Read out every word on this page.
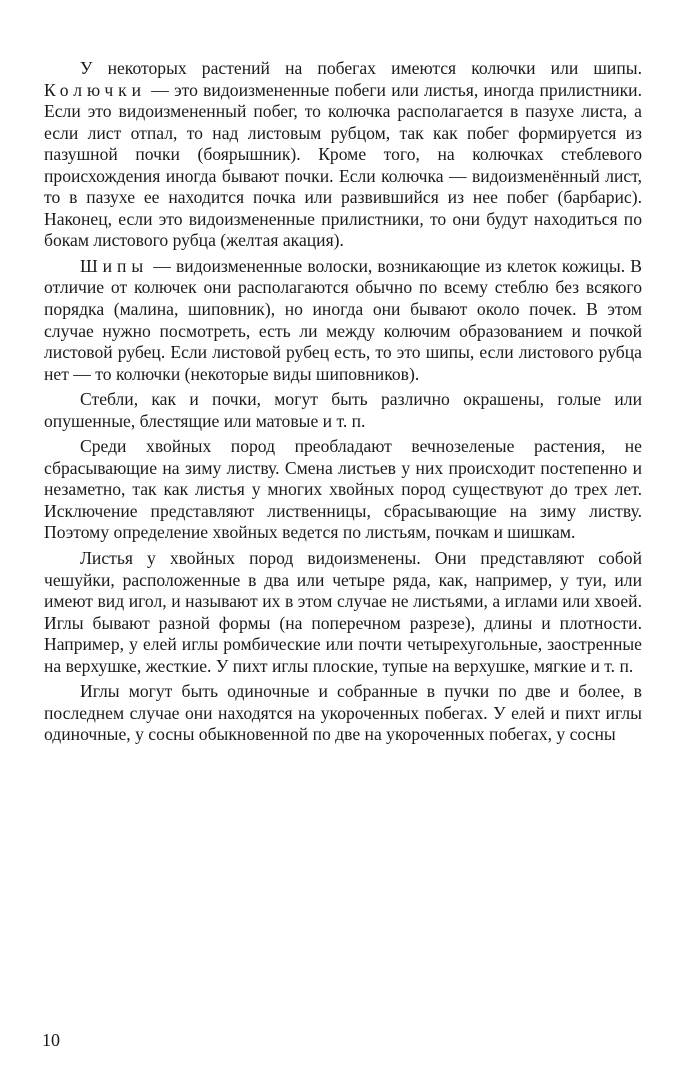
У некоторых растений на побегах имеются колючки или шипы. Колючки — это видоизмененные побеги или листья, иногда прилистники. Если это видоизмененный побег, то колючка располагается в пазухе листа, а если лист отпал, то над листовым рубцом, так как побег формируется из пазушной почки (боярышник). Кроме того, на колючках стеблевого происхождения иногда бывают почки. Если колючка — видоизменённый лист, то в пазухе ее находится почка или развившийся из нее побег (барбарис). Наконец, если это видоизмененные прилистники, то они будут находиться по бокам листового рубца (желтая акация).

Шипы — видоизмененные волоски, возникающие из клеток кожицы. В отличие от колючек они располагаются обычно по всему стеблю без всякого порядка (малина, шиповник), но иногда они бывают около почек. В этом случае нужно посмотреть, есть ли между колючим образованием и почкой листовой рубец. Если листовой рубец есть, то это шипы, если листового рубца нет — то колючки (некоторые виды шиповников).

Стебли, как и почки, могут быть различно окрашены, голые или опушенные, блестящие или матовые и т. п.

Среди хвойных пород преобладают вечнозеленые растения, не сбрасывающие на зиму листву. Смена листьев у них происходит постепенно и незаметно, так как листья у многих хвойных пород существуют до трех лет. Исключение представляют лиственницы, сбрасывающие на зиму листву. Поэтому определение хвойных ведется по листьям, почкам и шишкам.

Листья у хвойных пород видоизменены. Они представляют собой чешуйки, расположенные в два или четыре ряда, как, например, у туи, или имеют вид игол, и называют их в этом случае не листьями, а иглами или хвоей. Иглы бывают разной формы (на поперечном разрезе), длины и плотности. Например, у елей иглы ромбические или почти четырехугольные, заостренные на верхушке, жесткие. У пихт иглы плоские, тупые на верхушке, мягкие и т. п.

Иглы могут быть одиночные и собранные в пучки по две и более, в последнем случае они находятся на укороченных побегах. У елей и пихт иглы одиночные, у сосны обыкновенной по две на укороченных побегах, у сосны

10
